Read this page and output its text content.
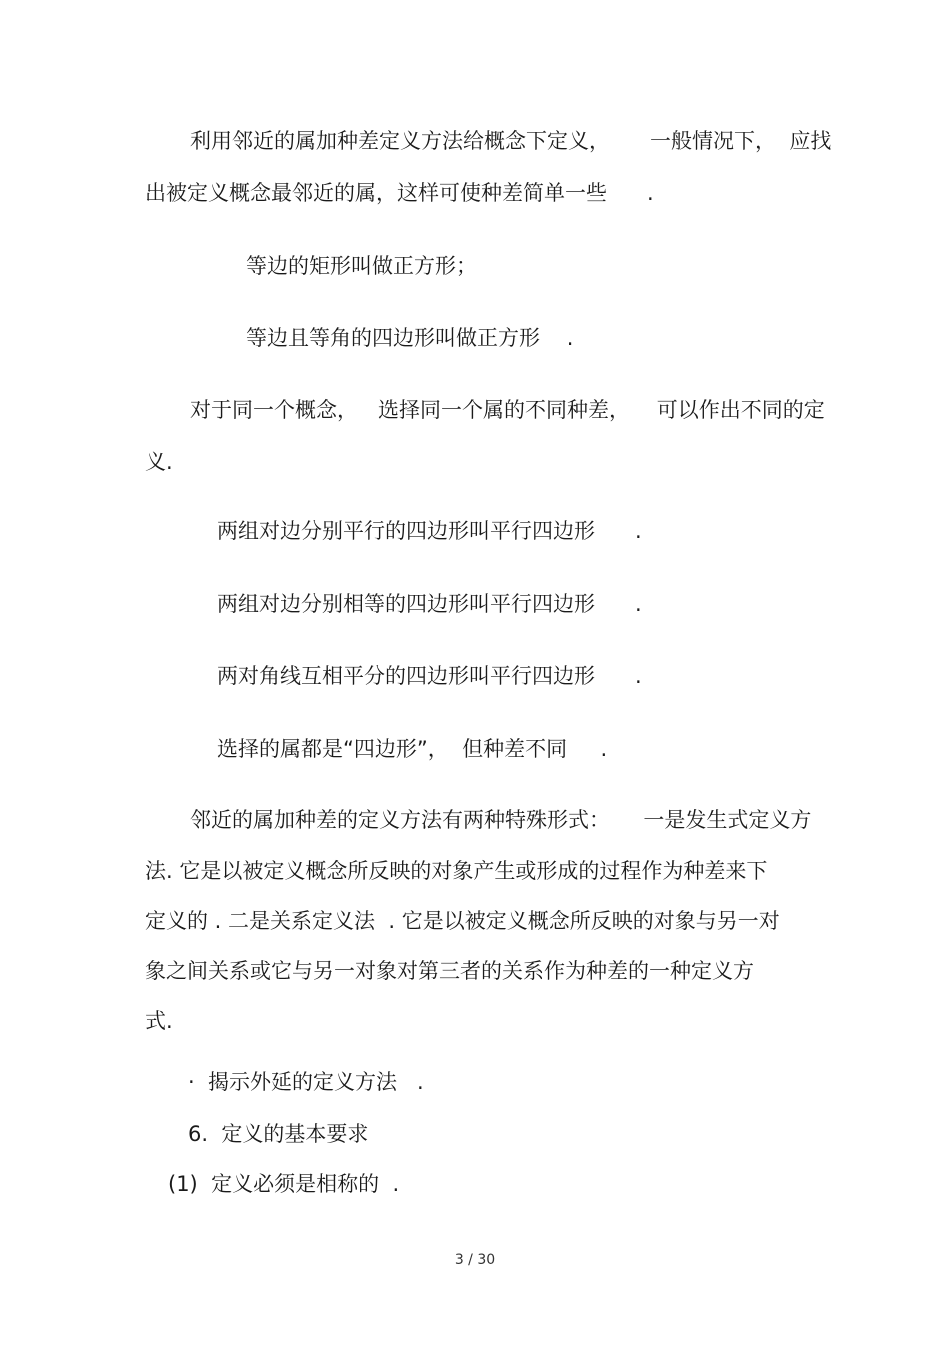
利用邻近的属加种差定义方法给概念下定义，      一般情况下，  应找
出被定义概念最邻近的属，这样可使种差简单一些      .
等边的矩形叫做正方形；
等边且等角的四边形叫做正方形    .
对于同一个概念，   选择同一个属的不同种差，    可以作出不同的定
义.
两组对边分别平行的四边形叫平行四边形      .
两组对边分别相等的四边形叫平行四边形      .
两对角线互相平分的四边形叫平行四边形      .
选择的属都是“四边形”，  但种差不同     .
邻近的属加种差的定义方法有两种特殊形式：     一是发生式定义方
法. 它是以被定义概念所反映的对象产生或形成的过程作为种差来下
定义的 . 二是关系定义法  . 它是以被定义概念所反映的对象与另一对
象之间关系或它与另一对象对第三者的关系作为种差的一种定义方
式.
·  揭示外延的定义方法   .
6.  定义的基本要求
(1)  定义必须是相称的  .
3 / 30
